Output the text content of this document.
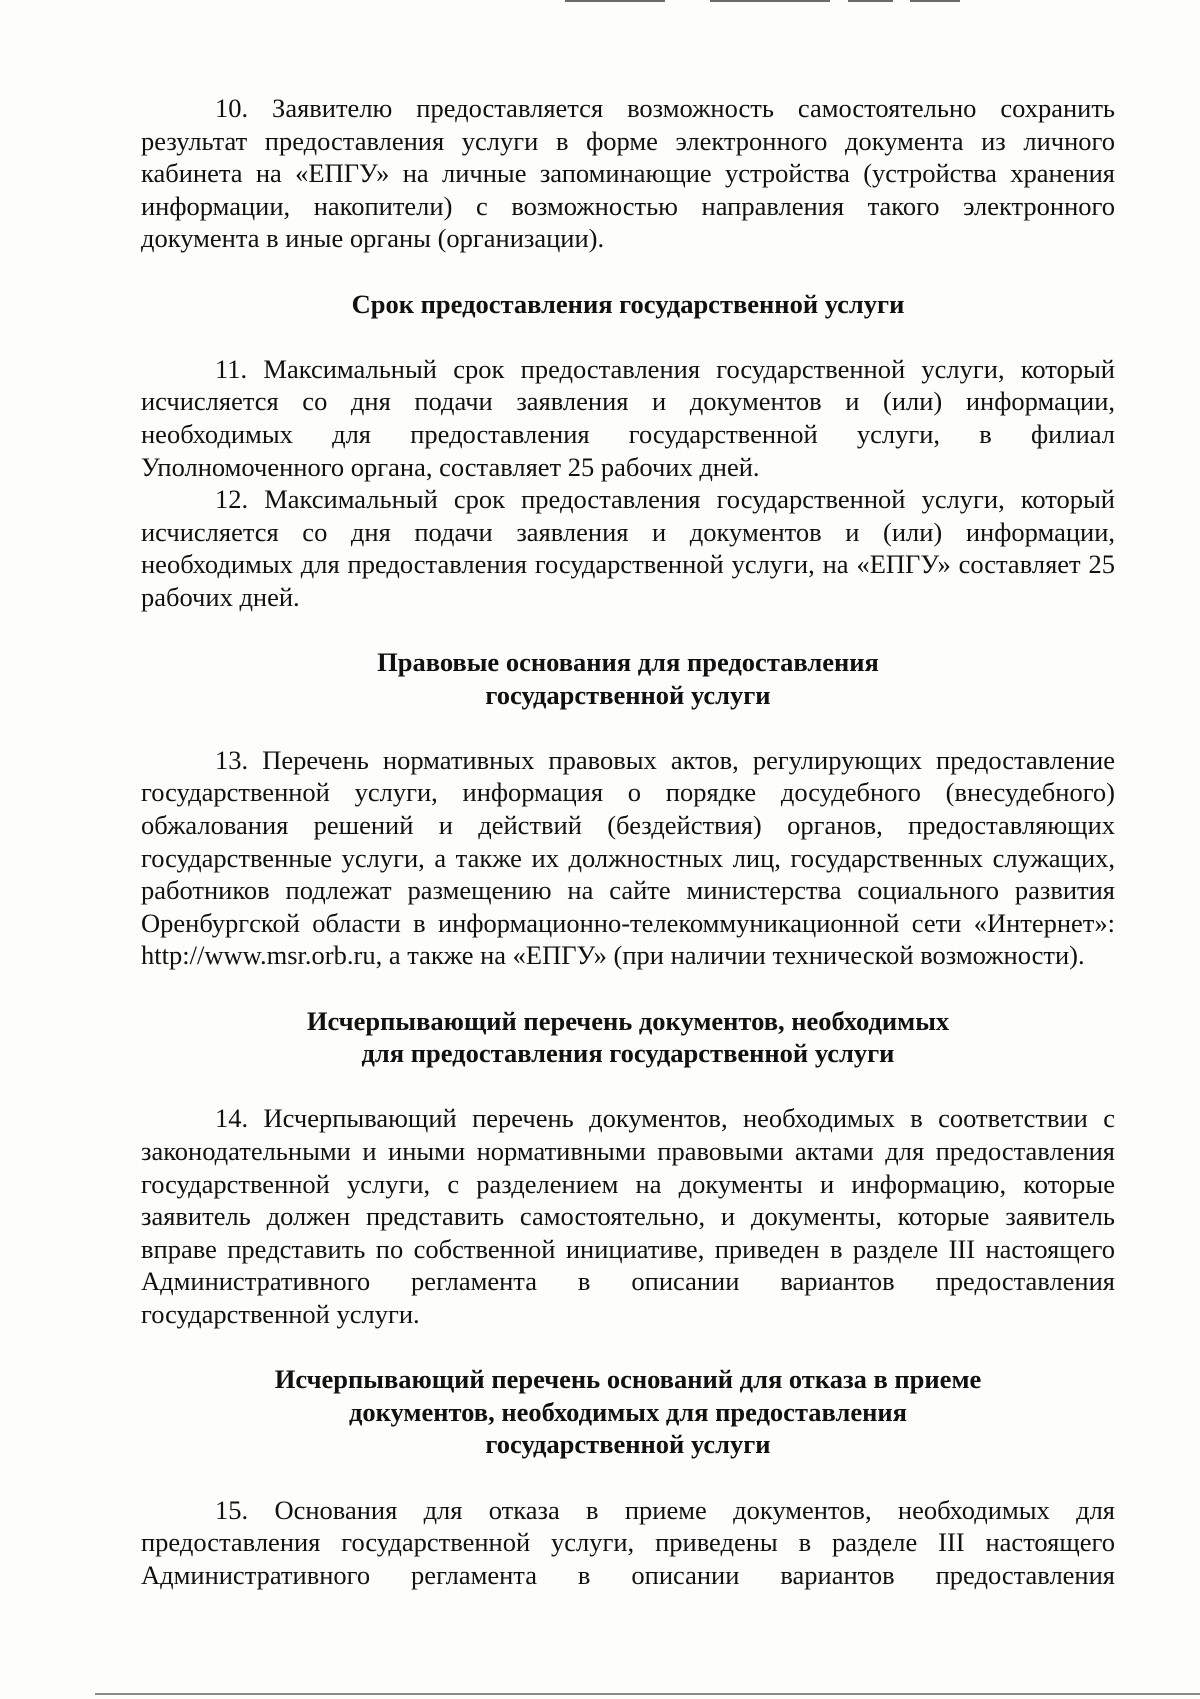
10. Заявителю предоставляется возможность самостоятельно сохранить результат предоставления услуги в форме электронного документа из личного кабинета на «ЕПГУ» на личные запоминающие устройства (устройства хранения информации, накопители) с возможностью направления такого электронного документа в иные органы (организации).

Срок предоставления государственной услуги

11. Максимальный срок предоставления государственной услуги, который исчисляется со дня подачи заявления и документов и (или) информации, необходимых для предоставления государственной услуги, в филиал Уполномоченного органа, составляет 25 рабочих дней.

12. Максимальный срок предоставления государственной услуги, который исчисляется со дня подачи заявления и документов и (или) информации, необходимых для предоставления государственной услуги, на «ЕПГУ» составляет 25 рабочих дней.

Правовые основания для предоставления
государственной услуги

13. Перечень нормативных правовых актов, регулирующих предоставление государственной услуги, информация о порядке досудебного (внесудебного) обжалования решений и действий (бездействия) органов, предоставляющих государственные услуги, а также их должностных лиц, государственных служащих, работников подлежат размещению на сайте министерства социального развития Оренбургской области в информационно-телекоммуникационной сети «Интернет»: http://www.msr.orb.ru, а также на «ЕПГУ» (при наличии технической возможности).

Исчерпывающий перечень документов, необходимых
для предоставления государственной услуги

14. Исчерпывающий перечень документов, необходимых в соответствии с законодательными и иными нормативными правовыми актами для предоставления государственной услуги, с разделением на документы и информацию, которые заявитель должен представить самостоятельно, и документы, которые заявитель вправе представить по собственной инициативе, приведен в разделе III настоящего Административного регламента в описании вариантов предоставления государственной услуги.

Исчерпывающий перечень оснований для отказа в приеме
документов, необходимых для предоставления
государственной услуги

15. Основания для отказа в приеме документов, необходимых для предоставления государственной услуги, приведены в разделе III настоящего Административного регламента в описании вариантов предоставления
